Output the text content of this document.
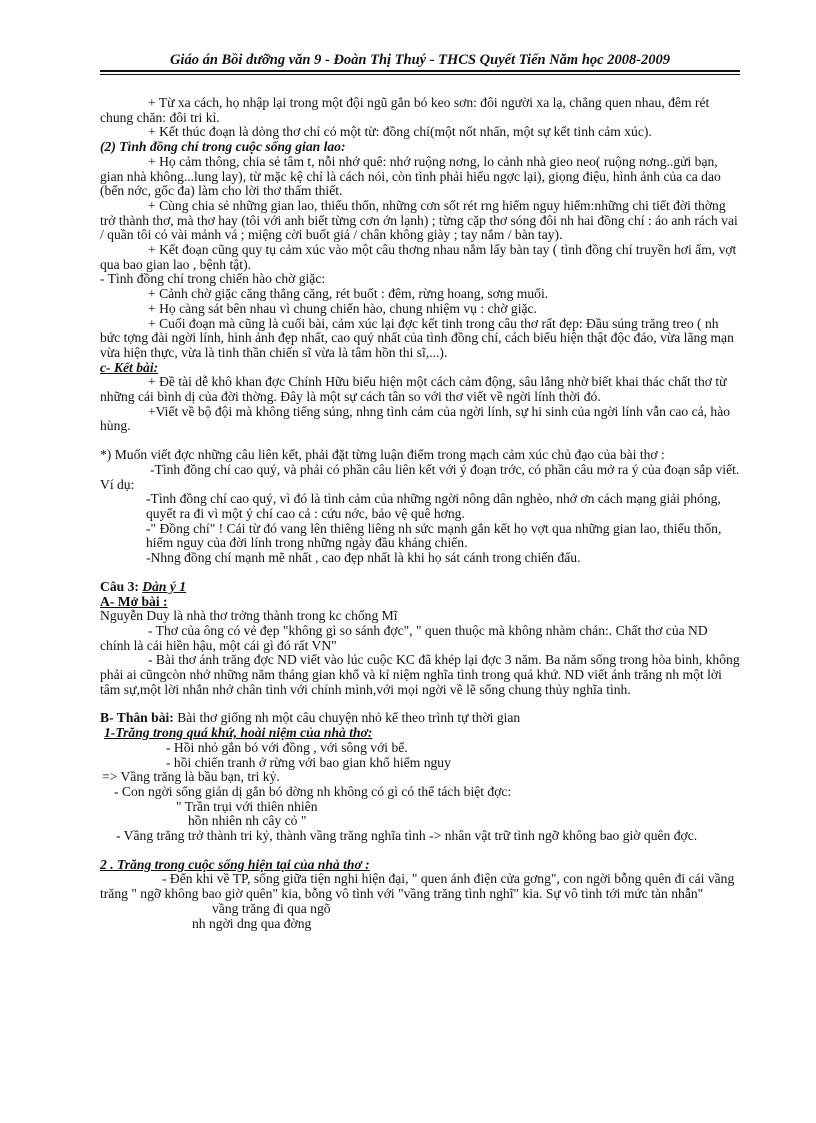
Giáo án Bồi dưỡng văn 9 - Đoàn Thị Thuý - THCS Quyết Tiến Năm học 2008-2009

+ Từ xa cách, họ nhập lại trong một đội ngũ gắn bó keo sơn: đôi người xa lạ, chẳng quen nhau, đêm rét chung chăn: đôi tri kỉ.

+ Kết thúc đoạn là dòng thơ chỉ có một từ: đồng chí(một nốt nhấn, một sự kết tinh cảm xúc).

(2) Tình đồng chí trong cuộc sống gian lao:

+ Họ cảm thông, chia sẻ tâm t, nỗi nhớ quê: nhớ ruộng nơng, lo cảnh nhà gieo neo( ruộng nơng..gửi bạn, gian nhà không...lung lay), từ mặc kệ chỉ là cách nói, còn tình phải hiểu ngợc lại), giọng điệu, hình ảnh của ca dao (bến nớc, gốc đa) làm cho lời thơ thấm thiết.

+ Cùng chia sẻ những gian lao, thiếu thốn, những cơn sốt rét rng hiểm nguy hiểm:những chi tiết đời thờng trở thành thơ, mà thơ hay (tôi với anh biết từng cơn ớn lạnh) ; từng cặp thơ sóng đôi nh hai đồng chí : áo anh rách vai / quần tôi có vài mảnh vá ; miệng cời buốt giá / chân không giày ; tay nắm / bàn tay).

+ Kết đoạn cũng quy tụ cảm xúc vào một câu thơng nhau nắm lấy bàn tay ( tình đồng chí truyền hơi ấm, vợt qua bao gian lao , bệnh tật).

- Tình đồng chí trong chiến hào chờ giặc:

+ Cảnh chờ giặc căng thẳng căng, rét buốt : đêm, rừng hoang, sơng muối.

+ Họ càng sát bên nhau vì chung chiến hào, chung nhiệm vụ : chờ giặc.

+ Cuối đoạn mà cũng là cuối bài, cảm xúc lại đợc kết tinh trong câu thơ rất đẹp: Đầu súng trăng treo ( nh bức tợng đài ngời lính, hình ảnh đẹp nhất, cao quý nhất của tình đồng chí, cách biểu hiện thật độc đáo, vừa lãng mạn vừa hiện thực, vừa là tinh thần chiến sĩ vừa là tâm hồn thi sĩ,...).

c- Kết bài:

+ Đề tài dễ khô khan đợc Chính Hữu biểu hiện một cách cảm động, sâu lắng nhờ biết khai thác chất thơ từ những cái bình dị của đời thờng. Đây là một sự cách tân so với thơ viết về ngời lính thời đó.

+Viết về bộ đội mà không tiếng súng, nhng tình cảm của ngời lính, sự hi sinh của ngời lính vẫn cao cả, hào hùng.

*) Muốn viết đợc những câu liên kết, phải đặt từng luận điểm trong mạch cảm xúc chủ đạo của bài thơ :

-Tình đồng chí cao quý, và phải có phần câu liên kết với ý đoạn trớc, có phần câu mở ra ý của đoạn sắp viết. Ví dụ:

-Tình đồng chí cao quý, vì đó là tình cảm của những ngời nông dân nghèo, nhớ ơn cách mạng giải phóng, quyết ra đi vì một ý chí cao cả : cứu nớc, bảo vệ quê hơng.

-" Đồng chí" ! Cái từ đó vang lên thiêng liêng nh sức mạnh gắn kết họ vợt qua những gian lao, thiếu thốn, hiểm nguy của đời lính trong những ngày đầu kháng chiến.

-Nhng đồng chí mạnh mẽ nhất , cao đẹp nhất là khi họ sát cánh trong chiến đấu.

Câu 3: Dàn ý 1

A- Mở bài :

Nguyễn Duy là nhà thơ trởng thành trong kc chống Mĩ

- Thơ của ông có vẻ đẹp "không gì so sánh đợc", " quen thuộc mà không nhàm chán:. Chất thơ của ND chính là cái hiền hậu, một cái gì đó rất VN"

- Bài thơ ánh trăng đợc ND viết vào lúc cuộc KC đã khép lại đợc 3 năm. Ba năm sống trong hòa bình, không phải ai cũngcòn nhớ những năm tháng gian khổ và kỉ niệm nghĩa tình trong quá khứ. ND viết ánh trăng nh một lời tâm sự,một lời nhắn nhở chân tình với chính mình,với mọi ngời về lẽ sống chung thủy nghĩa tình.

B- Thân bài: Bài thơ giống nh một câu chuyện nhỏ kể theo trình tự thời gian

1-Trăng trong quá khứ, hoài niệm của nhà thơ:

- Hồi nhỏ gắn bó với đồng , với sông với bể.

- hồi chiến tranh ở rừng với bao gian khổ hiểm nguy

=> Vầng trăng là bầu bạn, tri kỷ.

- Con ngời sống giản dị gắn bó dờng nh không có gì có thể tách biệt đợc:

" Trần trụi với thiên nhiên

hồn nhiên nh cây cỏ "

- Vầng trăng trở thành tri kỷ, thành vầng trăng nghĩa tình -> nhân vật trữ tình ngỡ không bao giờ quên đợc.

2 . Trăng trong cuộc sống hiện tại của nhà thơ :

- Đến khi về TP, sống giữa tiện nghi hiện đại, " quen ánh điện cửa gơng", con ngời bỗng quên đi cái vầng trăng " ngỡ không bao giờ quên" kia, bỗng vô tình với "vầng trăng tình nghĩ" kia. Sự vô tình tới mức tàn nhẫn"

vầng trăng đi qua ngõ

nh ngời dng qua đờng
